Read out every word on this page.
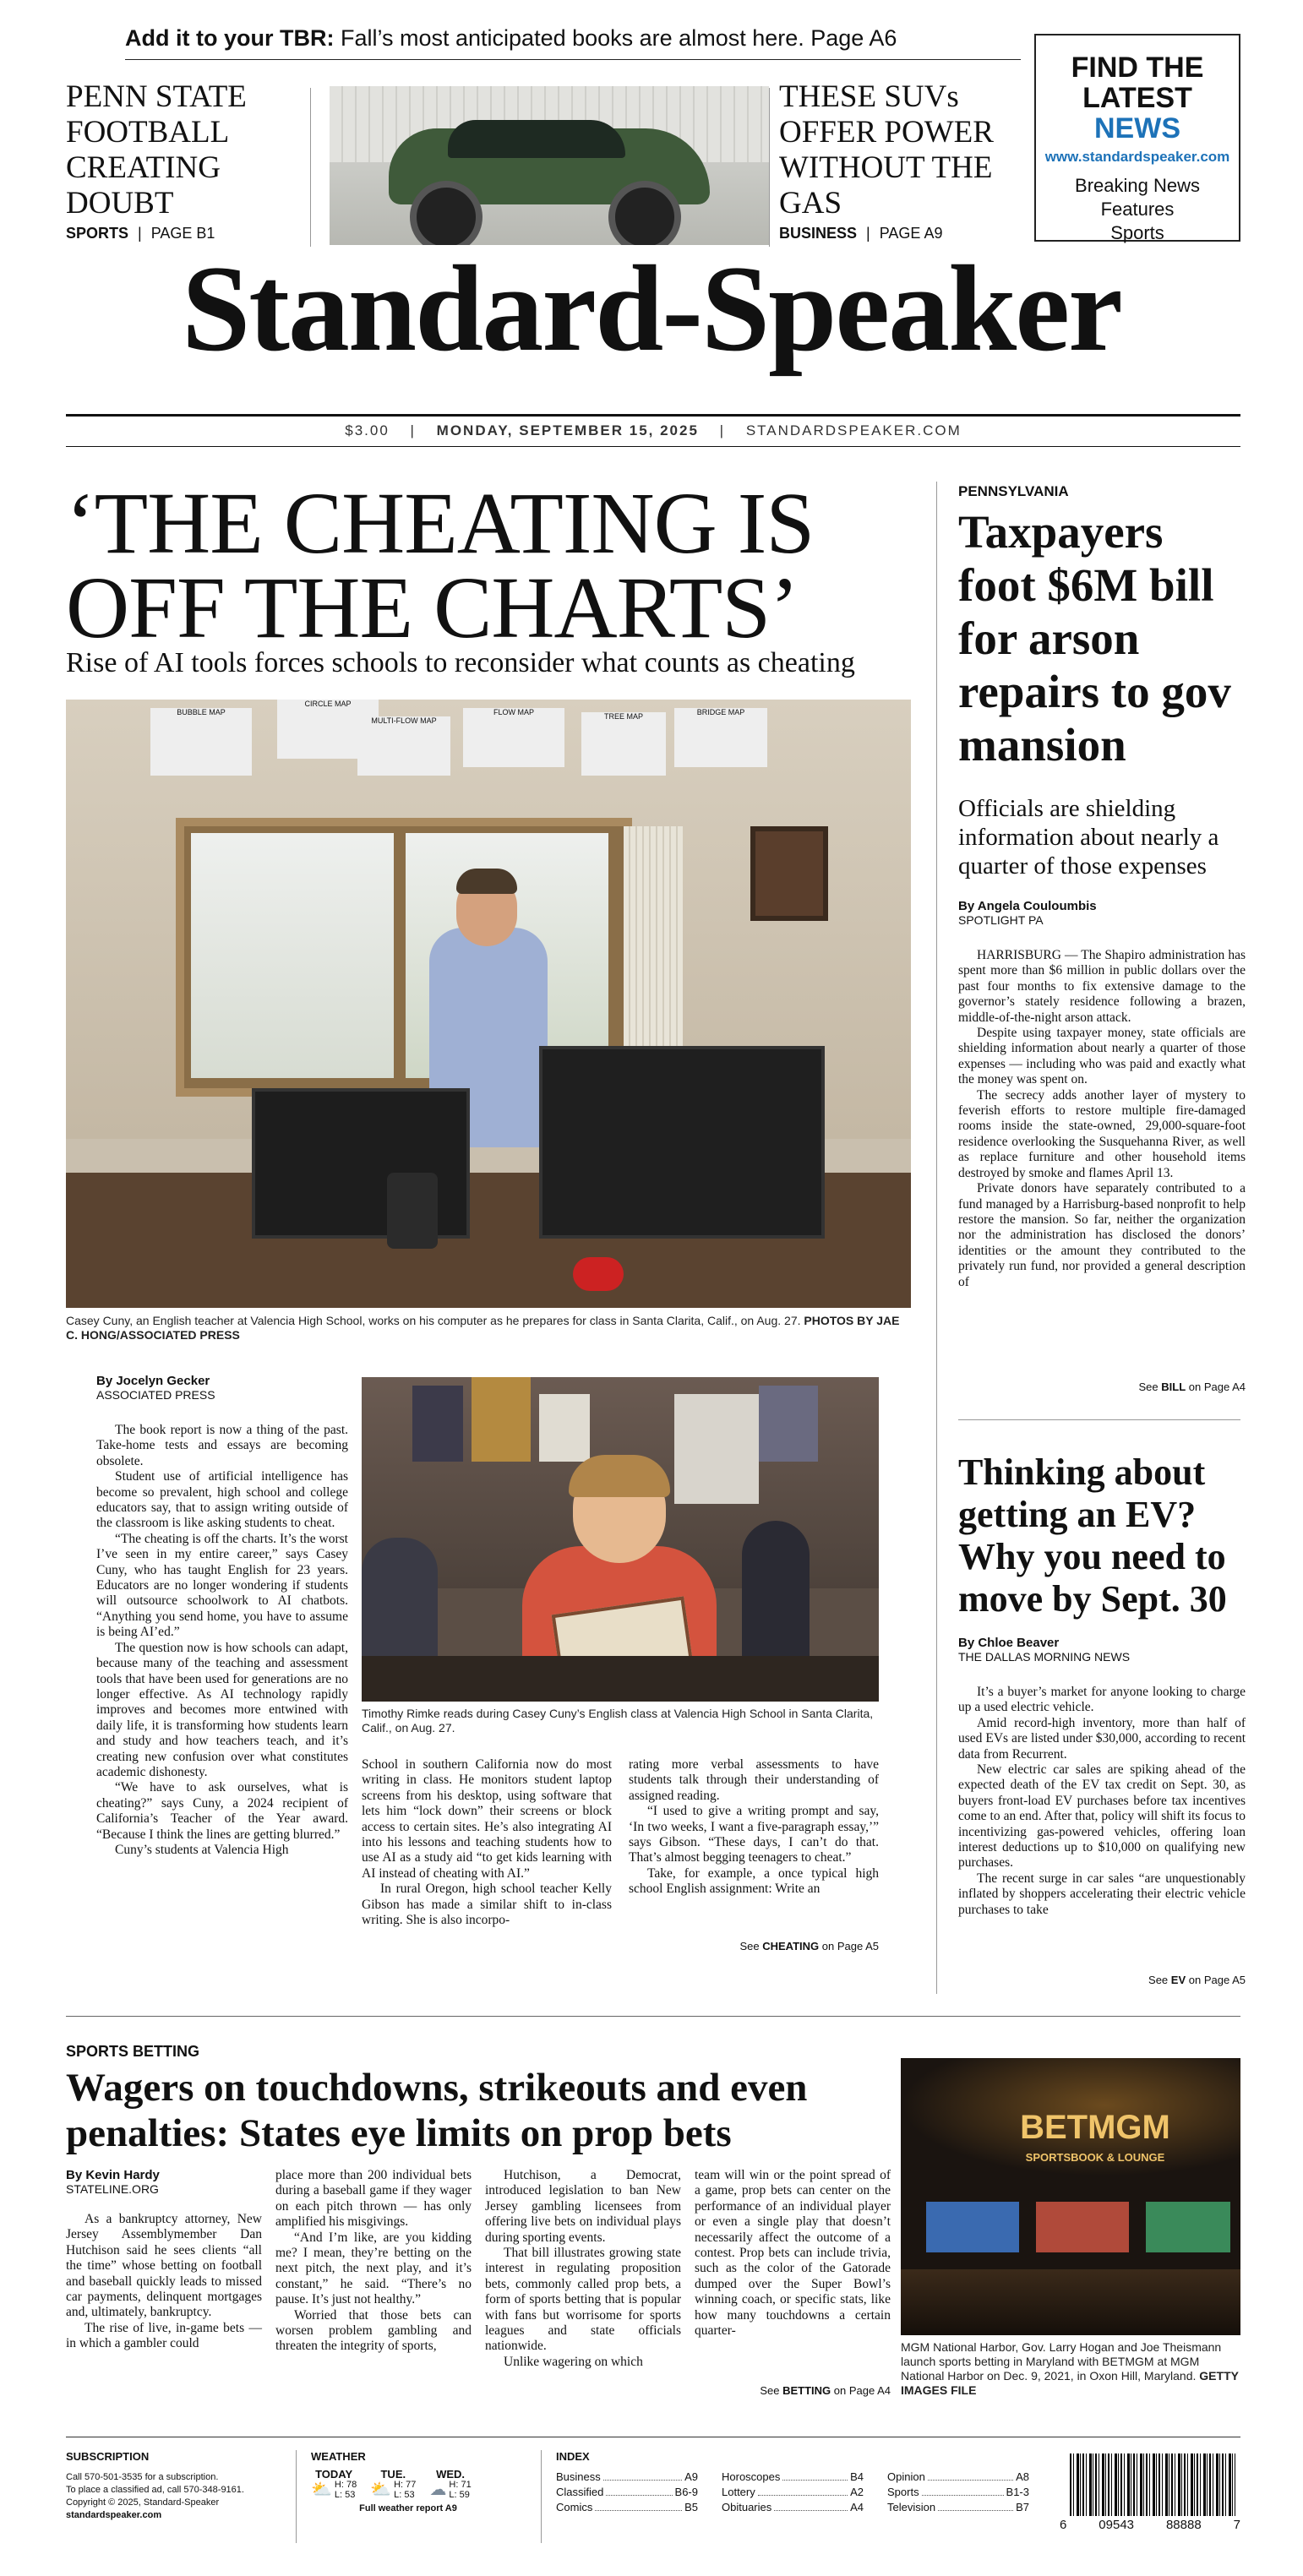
Add it to your TBR: Fall’s most anticipated books are almost here. Page A6
PENN STATE FOOTBALL CREATING DOUBT
SPORTS | PAGE B1
THESE SUVs OFFER POWER WITHOUT THE GAS
BUSINESS | PAGE A9
FIND THE
LATEST NEWS
www.standardspeaker.com
Breaking News
Features
Sports
Standard-Speaker
$3.00 | MONDAY, SEPTEMBER 15, 2025 | STANDARDSPEAKER.COM
‘THE CHEATING IS
OFF THE CHARTS’
Rise of AI tools forces schools to reconsider what counts as cheating
BUBBLE MAP
CIRCLE MAP
MULTI-FLOW MAP
FLOW MAP	TREE MAP	BRIDGE MAP
Casey Cuny, an English teacher at Valencia High School, works on his computer as he prepares for class in Santa Clarita, Calif., on Aug. 27. PHOTOS BY JAE C. HONG/ASSOCIATED PRESS
By Jocelyn Gecker
ASSOCIATED PRESS

The book report is now a thing of the past. Take-home tests and essays are becoming obsolete.

Student use of artificial intelligence has become so prevalent, high school and college educators say, that to assign writing outside of the classroom is like asking students to cheat.

“The cheating is off the charts. It’s the worst I’ve seen in my entire career,” says Casey Cuny, who has taught English for 23 years. Educators are no longer wondering if students will outsource schoolwork to AI chatbots. “Anything you send home, you have to assume is being AI’ed.”

The question now is how schools can adapt, because many of the teaching and assessment tools that have been used for generations are no longer effective. As AI technology rapidly improves and becomes more entwined with daily life, it is transforming how students learn and study and how teachers teach, and it’s creating new confusion over what constitutes academic dishonesty.

“We have to ask ourselves, what is cheating?” says Cuny, a 2024 recipient of California’s Teacher of the Year award. “Because I think the lines are getting blurred.”

Cuny’s students at Valencia High

Timothy Rimke reads during Casey Cuny’s English class at Valencia High School in Santa Clarita, Calif., on Aug. 27.

School in southern California now do most writing in class. He monitors student laptop screens from his desktop, using software that lets him “lock down” their screens or block access to certain sites. He’s also integrating AI into his lessons and teaching students how to use AI as a study aid “to get kids learning with AI instead of cheating with AI.”

In rural Oregon, high school teacher Kelly Gibson has made a similar shift to in-class writing. She is also incorpo-

rating more verbal assessments to have students talk through their understanding of assigned reading.

“I used to give a writing prompt and say, ‘In two weeks, I want a five-paragraph essay,’” says Gibson. “These days, I can’t do that. That’s almost begging teenagers to cheat.”

Take, for example, a once typical high school English assignment: Write an

See CHEATING on Page A5
PENNSYLVANIA
Taxpayers foot $6M bill for arson repairs to gov mansion
Officials are shielding information about nearly a quarter of those expenses
By Angela Couloumbis
SPOTLIGHT PA

HARRISBURG — The Shapiro administration has spent more than $6 million in public dollars over the past four months to fix extensive damage to the governor’s stately residence following a brazen, middle-of-the-night arson attack.

Despite using taxpayer money, state officials are shielding information about nearly a quarter of those expenses — including who was paid and exactly what the money was spent on.

The secrecy adds another layer of mystery to feverish efforts to restore multiple fire-damaged rooms inside the state-owned, 29,000-square-foot residence overlooking the Susquehanna River, as well as replace furniture and other household items destroyed by smoke and flames April 13.

Private donors have separately contributed to a fund managed by a Harrisburg-based nonprofit to help restore the mansion. So far, neither the organization nor the administration has disclosed the donors’ identities or the amount they contributed to the privately run fund, nor provided a general description of

See BILL on Page A4
Thinking about getting an EV? Why you need to move by Sept. 30
By Chloe Beaver
THE DALLAS MORNING NEWS

It’s a buyer’s market for anyone looking to charge up a used electric vehicle.

Amid record-high inventory, more than half of used EVs are listed under $30,000, according to recent data from Recurrent.

New electric car sales are spiking ahead of the expected death of the EV tax credit on Sept. 30, as buyers front-load EV purchases before tax incentives come to an end. After that, policy will shift its focus to incentivizing gas-powered vehicles, offering loan interest deductions up to $10,000 on qualifying new purchases.

The recent surge in car sales “are unquestionably inflated by shoppers accelerating their electric vehicle purchases to take

See EV on Page A5
SPORTS BETTING
Wagers on touchdowns, strikeouts and even penalties: States eye limits on prop bets
By Kevin Hardy
STATELINE.ORG

As a bankruptcy attorney, New Jersey Assemblymember Dan Hutchison said he sees clients “all the time” whose betting on football and baseball quickly leads to missed car payments, delinquent mortgages and, ultimately, bankruptcy.

The rise of live, in-game bets — in which a gambler could

place more than 200 individual bets during a baseball game if they wager on each pitch thrown — has only amplified his misgivings.

“And I’m like, are you kidding me? I mean, they’re betting on the next pitch, the next play, and it’s constant,” he said. “There’s no pause. It’s just not healthy.”

Worried that those bets can worsen problem gambling and threaten the integrity of sports,

Hutchison, a Democrat, introduced legislation to ban New Jersey gambling licensees from offering live bets on individual plays during sporting events.

That bill illustrates growing state interest in regulating proposition bets, commonly called prop bets, a form of sports betting that is popular with fans but worrisome for sports leagues and state officials nationwide.

Unlike wagering on which

team will win or the point spread of a game, prop bets can center on the performance of an individual player or even a single play that doesn’t necessarily affect the outcome of a contest. Prop bets can include trivia, such as the color of the Gatorade dumped over the Super Bowl’s winning coach, or specific stats, like how many touchdowns a certain quarter-

See BETTING on Page A4
BETMGM
SPORTSBOOK & LOUNGE
MGM National Harbor, Gov. Larry Hogan and Joe Theismann launch sports betting in Maryland with BETMGM at MGM National Harbor on Dec. 9, 2021, in Oxon Hill, Maryland. GETTY IMAGES FILE
SUBSCRIPTION
Call 570-501-3535 for a subscription.
To place a classified ad, call 570-348-9161.
Copyright © 2025, Standard-Speaker
standardspeaker.com
WEATHER
TODAY
⛅ H: 78
L: 53
TUE.
⛅ H: 77
L: 53
WED.
☁ H: 71
L: 59
Full weather report A9
INDEX
Business	A9
Classified	B6-9
Comics	B5
Horoscopes	B4
Lottery	A2
Obituaries	A4
Opinion	A8
Sports	B1-3
Television	B7
6	09543	88888	7
